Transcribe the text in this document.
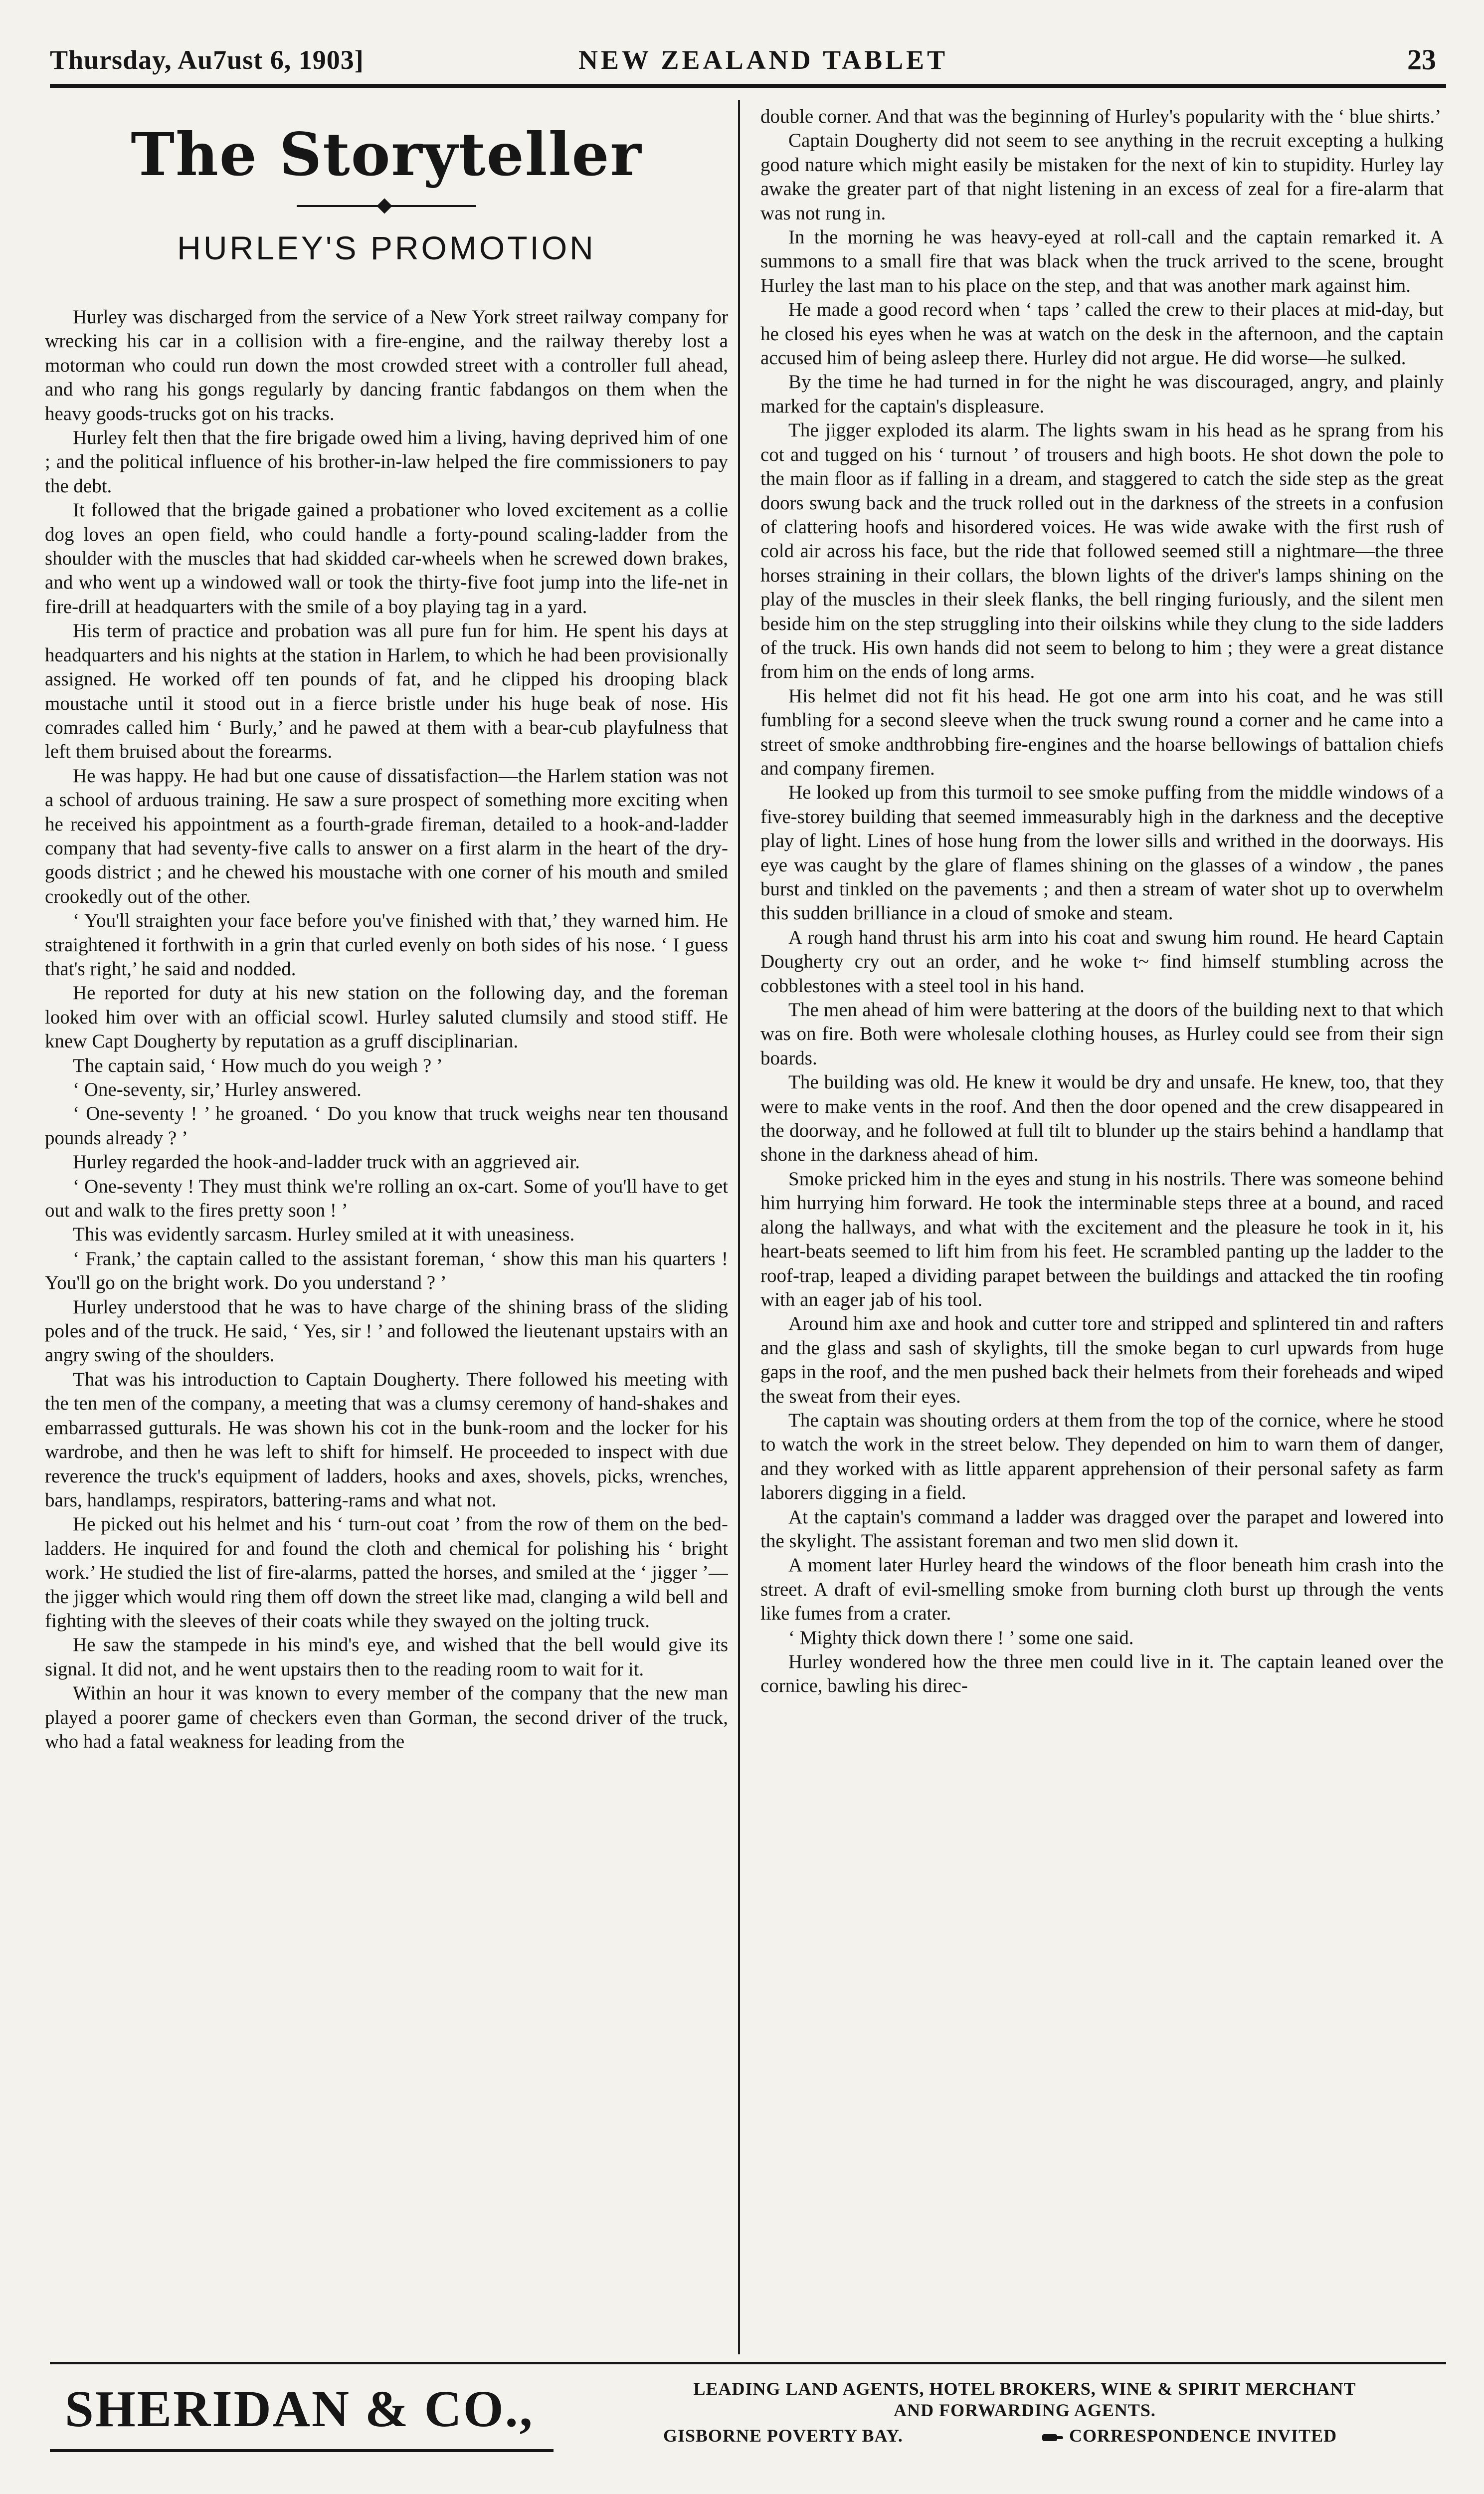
Thursday, Au7ust 6, 1903]	NEW ZEALAND TABLET	23
The Storyteller
HURLEY'S PROMOTION

Hurley was discharged from the service of a New York street railway company for wrecking his car in a collision with a fire-engine, and the railway thereby lost a motorman who could run down the most crowded street with a controller full ahead, and who rang his gongs regularly by dancing frantic fabdangos on them when the heavy goods-trucks got on his tracks.

Hurley felt then that the fire brigade owed him a living, having deprived him of one ; and the political influence of his brother-in-law helped the fire commissioners to pay the debt.

It followed that the brigade gained a probationer who loved excitement as a collie dog loves an open field, who could handle a forty-pound scaling-ladder from the shoulder with the muscles that had skidded car-wheels when he screwed down brakes, and who went up a windowed wall or took the thirty-five foot jump into the life-net in fire-drill at headquarters with the smile of a boy playing tag in a yard.

His term of practice and probation was all pure fun for him. He spent his days at headquarters and his nights at the station in Harlem, to which he had been provisionally assigned. He worked off ten pounds of fat, and he clipped his drooping black moustache until it stood out in a fierce bristle under his huge beak of nose. His comrades called him ‘ Burly,’ and he pawed at them with a bear-cub playfulness that left them bruised about the forearms.

He was happy. He had but one cause of dissatisfaction—the Harlem station was not a school of arduous training. He saw a sure prospect of something more exciting when he received his appointment as a fourth-grade fireman, detailed to a hook-and-ladder company that had seventy-five calls to answer on a first alarm in the heart of the dry-goods district ; and he chewed his moustache with one corner of his mouth and smiled crookedly out of the other.

‘ You'll straighten your face before you've finished with that,’ they warned him. He straightened it forthwith in a grin that curled evenly on both sides of his nose. ‘ I guess that's right,’ he said and nodded.

He reported for duty at his new station on the following day, and the foreman looked him over with an official scowl. Hurley saluted clumsily and stood stiff. He knew Capt Dougherty by reputation as a gruff disciplinarian.

The captain said, ‘ How much do you weigh ? ’

‘ One-seventy, sir,’ Hurley answered.

‘ One-seventy ! ’ he groaned. ‘ Do you know that truck weighs near ten thousand pounds already ? ’

Hurley regarded the hook-and-ladder truck with an aggrieved air.

‘ One-seventy ! They must think we're rolling an ox-cart. Some of you'll have to get out and walk to the fires pretty soon ! ’

This was evidently sarcasm. Hurley smiled at it with uneasiness.

‘ Frank,’ the captain called to the assistant foreman, ‘ show this man his quarters ! You'll go on the bright work. Do you understand ? ’

Hurley understood that he was to have charge of the shining brass of the sliding poles and of the truck. He said, ‘ Yes, sir ! ’ and followed the lieutenant upstairs with an angry swing of the shoulders.

That was his introduction to Captain Dougherty. There followed his meeting with the ten men of the company, a meeting that was a clumsy ceremony of hand-shakes and embarrassed gutturals. He was shown his cot in the bunk-room and the locker for his wardrobe, and then he was left to shift for himself. He proceeded to inspect with due reverence the truck's equipment of ladders, hooks and axes, shovels, picks, wrenches, bars, handlamps, respirators, battering-rams and what not.

He picked out his helmet and his ‘ turn-out coat ’ from the row of them on the bed-ladders. He inquired for and found the cloth and chemical for polishing his ‘ bright work.’ He studied the list of fire-alarms, patted the horses, and smiled at the ‘ jigger ’—the jigger which would ring them off down the street like mad, clanging a wild bell and fighting with the sleeves of their coats while they swayed on the jolting truck.

He saw the stampede in his mind's eye, and wished that the bell would give its signal. It did not, and he went upstairs then to the reading room to wait for it.

Within an hour it was known to every member of the company that the new man played a poorer game of checkers even than Gorman, the second driver of the truck, who had a fatal weakness for leading from the

double corner. And that was the beginning of Hurley's popularity with the ‘ blue shirts.’

Captain Dougherty did not seem to see anything in the recruit excepting a hulking good nature which might easily be mistaken for the next of kin to stupidity. Hurley lay awake the greater part of that night listening in an excess of zeal for a fire-alarm that was not rung in.

In the morning he was heavy-eyed at roll-call and the captain remarked it. A summons to a small fire that was black when the truck arrived to the scene, brought Hurley the last man to his place on the step, and that was another mark against him.

He made a good record when ‘ taps ’ called the crew to their places at mid-day, but he closed his eyes when he was at watch on the desk in the afternoon, and the captain accused him of being asleep there. Hurley did not argue. He did worse—he sulked.

By the time he had turned in for the night he was discouraged, angry, and plainly marked for the captain's displeasure.

The jigger exploded its alarm. The lights swam in his head as he sprang from his cot and tugged on his ‘ turnout ’ of trousers and high boots. He shot down the pole to the main floor as if falling in a dream, and staggered to catch the side step as the great doors swung back and the truck rolled out in the darkness of the streets in a confusion of clattering hoofs and hisordered voices. He was wide awake with the first rush of cold air across his face, but the ride that followed seemed still a nightmare—the three horses straining in their collars, the blown lights of the driver's lamps shining on the play of the muscles in their sleek flanks, the bell ringing furiously, and the silent men beside him on the step struggling into their oilskins while they clung to the side ladders of the truck. His own hands did not seem to belong to him ; they were a great distance from him on the ends of long arms.

His helmet did not fit his head. He got one arm into his coat, and he was still fumbling for a second sleeve when the truck swung round a corner and he came into a street of smoke andthrobbing fire-engines and the hoarse bellowings of battalion chiefs and company firemen.

He looked up from this turmoil to see smoke puffing from the middle windows of a five-storey building that seemed immeasurably high in the darkness and the deceptive play of light. Lines of hose hung from the lower sills and writhed in the doorways. His eye was caught by the glare of flames shining on the glasses of a window , the panes burst and tinkled on the pavements ; and then a stream of water shot up to overwhelm this sudden brilliance in a cloud of smoke and steam.

A rough hand thrust his arm into his coat and swung him round. He heard Captain Dougherty cry out an order, and he woke t~ find himself stumbling across the cobblestones with a steel tool in his hand.

The men ahead of him were battering at the doors of the building next to that which was on fire. Both were wholesale clothing houses, as Hurley could see from their sign boards.

The building was old. He knew it would be dry and unsafe. He knew, too, that they were to make vents in the roof. And then the door opened and the crew disappeared in the doorway, and he followed at full tilt to blunder up the stairs behind a handlamp that shone in the darkness ahead of him.

Smoke pricked him in the eyes and stung in his nostrils. There was someone behind him hurrying him forward. He took the interminable steps three at a bound, and raced along the hallways, and what with the excitement and the pleasure he took in it, his heart-beats seemed to lift him from his feet. He scrambled panting up the ladder to the roof-trap, leaped a dividing parapet between the buildings and attacked the tin roofing with an eager jab of his tool.

Around him axe and hook and cutter tore and stripped and splintered tin and rafters and the glass and sash of skylights, till the smoke began to curl upwards from huge gaps in the roof, and the men pushed back their helmets from their foreheads and wiped the sweat from their eyes.

The captain was shouting orders at them from the top of the cornice, where he stood to watch the work in the street below. They depended on him to warn them of danger, and they worked with as little apparent apprehension of their personal safety as farm laborers digging in a field.

At the captain's command a ladder was dragged over the parapet and lowered into the skylight. The assistant foreman and two men slid down it.

A moment later Hurley heard the windows of the floor beneath him crash into the street. A draft of evil-smelling smoke from burning cloth burst up through the vents like fumes from a crater.

‘ Mighty thick down there ! ’ some one said.

Hurley wondered how the three men could live in it. The captain leaned over the cornice, bawling his direc-

SHERIDAN & CO.,	LEADING LAND AGENTS, HOTEL BROKERS, WINE & SPIRIT MERCHANT
AND FORWARDING AGENTS.
GISBORNE POVERTY BAY.	CORRESPONDENCE INVITED
